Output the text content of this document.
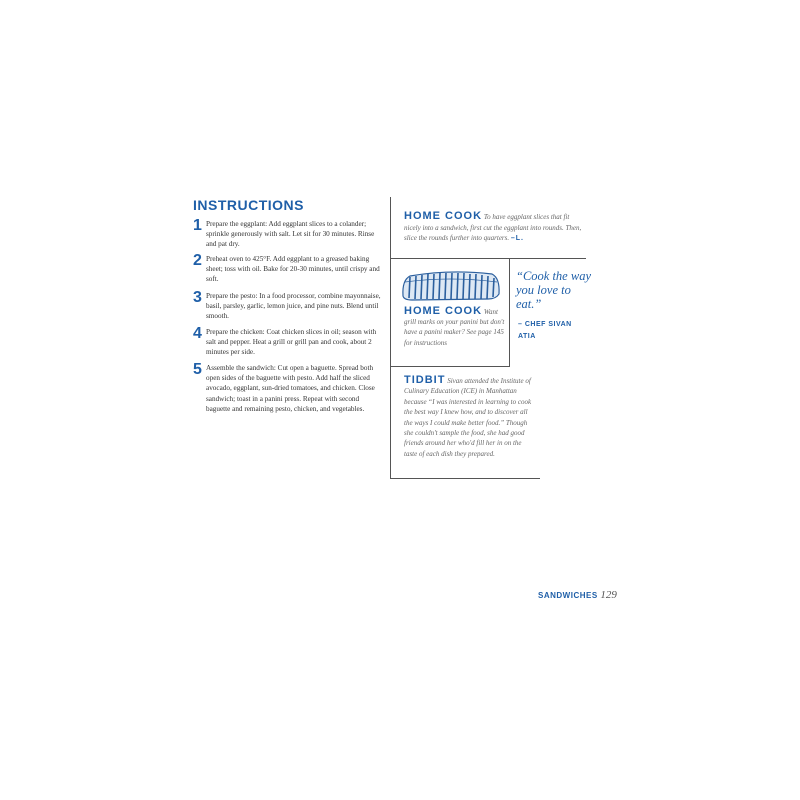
INSTRUCTIONS
1 Prepare the eggplant: Add eggplant slices to a colander; sprinkle generously with salt. Let sit for 30 minutes. Rinse and pat dry.
2 Preheat oven to 425°F. Add eggplant to a greased baking sheet; toss with oil. Bake for 20-30 minutes, until crispy and soft.
3 Prepare the pesto: In a food processor, combine mayonnaise, basil, parsley, garlic, lemon juice, and pine nuts. Blend until smooth.
4 Prepare the chicken: Coat chicken slices in oil; season with salt and pepper. Heat a grill or grill pan and cook, about 2 minutes per side.
5 Assemble the sandwich: Cut open a baguette. Spread both open sides of the baguette with pesto. Add half the sliced avocado, eggplant, sun-dried tomatoes, and chicken. Close sandwich; toast in a panini press. Repeat with second baguette and remaining pesto, chicken, and vegetables.
HOME COOK To have eggplant slices that fit nicely into a sandwich, first cut the eggplant into rounds. Then, slice the rounds further into quarters. –L.
HOME COOK Want grill marks on your panini but don't have a panini maker? See page 145 for instructions
“Cook the way you love to eat.”
– CHEF SIVAN ATIA
TIDBIT Sivan attended the Institute of Culinary Education (ICE) in Manhattan because “I was interested in learning to cook the best way I knew how, and to discover all the ways I could make better food.” Though she couldn't sample the food, she had good friends around her who'd fill her in on the taste of each dish they prepared.
SANDWICHES 129
